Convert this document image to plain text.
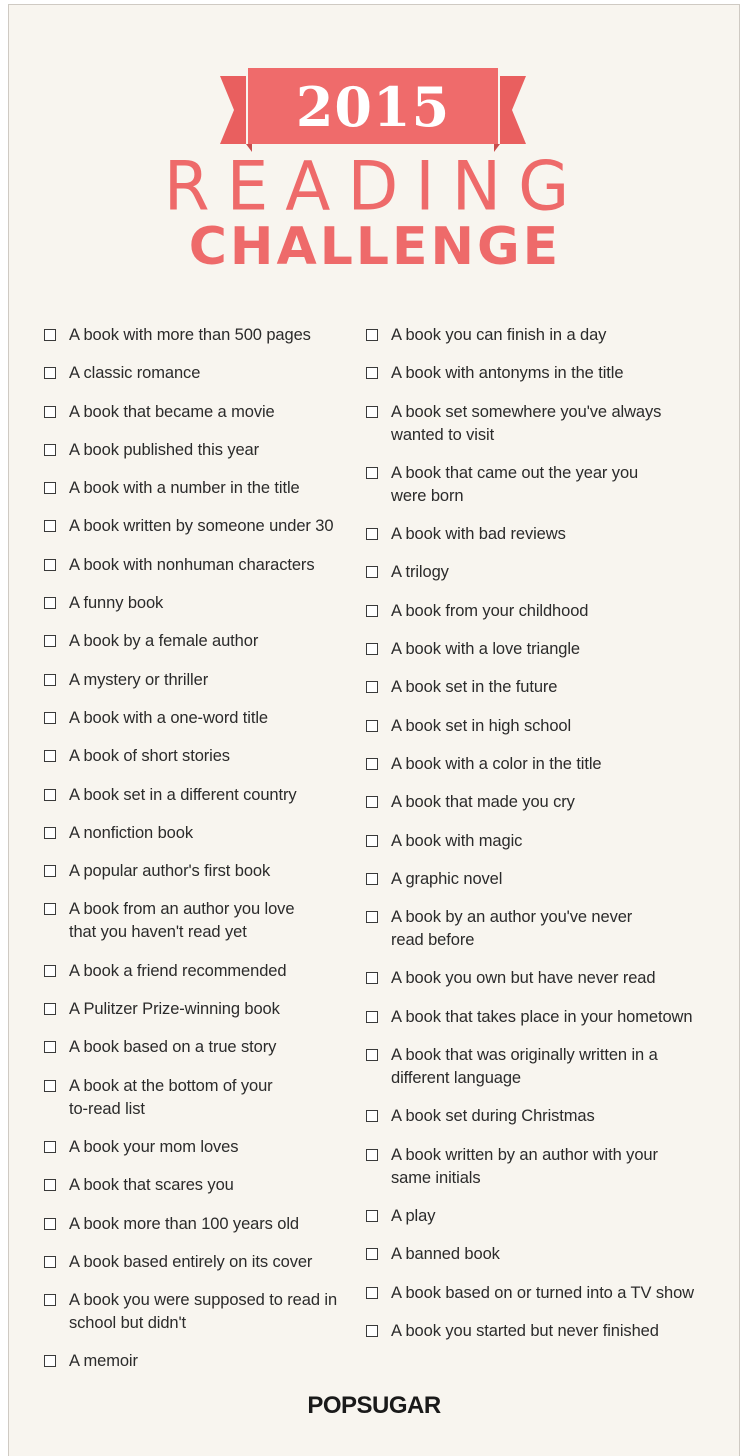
2015
READING
CHALLENGE
A book with more than 500 pages
A classic romance
A book that became a movie
A book published this year
A book with a number in the title
A book written by someone under 30
A book with nonhuman characters
A funny book
A book by a female author
A mystery or thriller
A book with a one-word title
A book of short stories
A book set in a different country
A nonfiction book
A popular author's first book
A book from an author you love
that you haven't read yet
A book a friend recommended
A Pulitzer Prize-winning book
A book based on a true story
A book at the bottom of your
to-read list
A book your mom loves
A book that scares you
A book more than 100 years old
A book based entirely on its cover
A book you were supposed to read in
school but didn't
A memoir
A book you can finish in a day
A book with antonyms in the title
A book set somewhere you've always
wanted to visit
A book that came out the year you
were born
A book with bad reviews
A trilogy
A book from your childhood
A book with a love triangle
A book set in the future
A book set in high school
A book with a color in the title
A book that made you cry
A book with magic
A graphic novel
A book by an author you've never
read before
A book you own but have never read
A book that takes place in your hometown
A book that was originally written in a
different language
A book set during Christmas
A book written by an author with your
same initials
A play
A banned book
A book based on or turned into a TV show
A book you started but never finished
POPSUGAR
